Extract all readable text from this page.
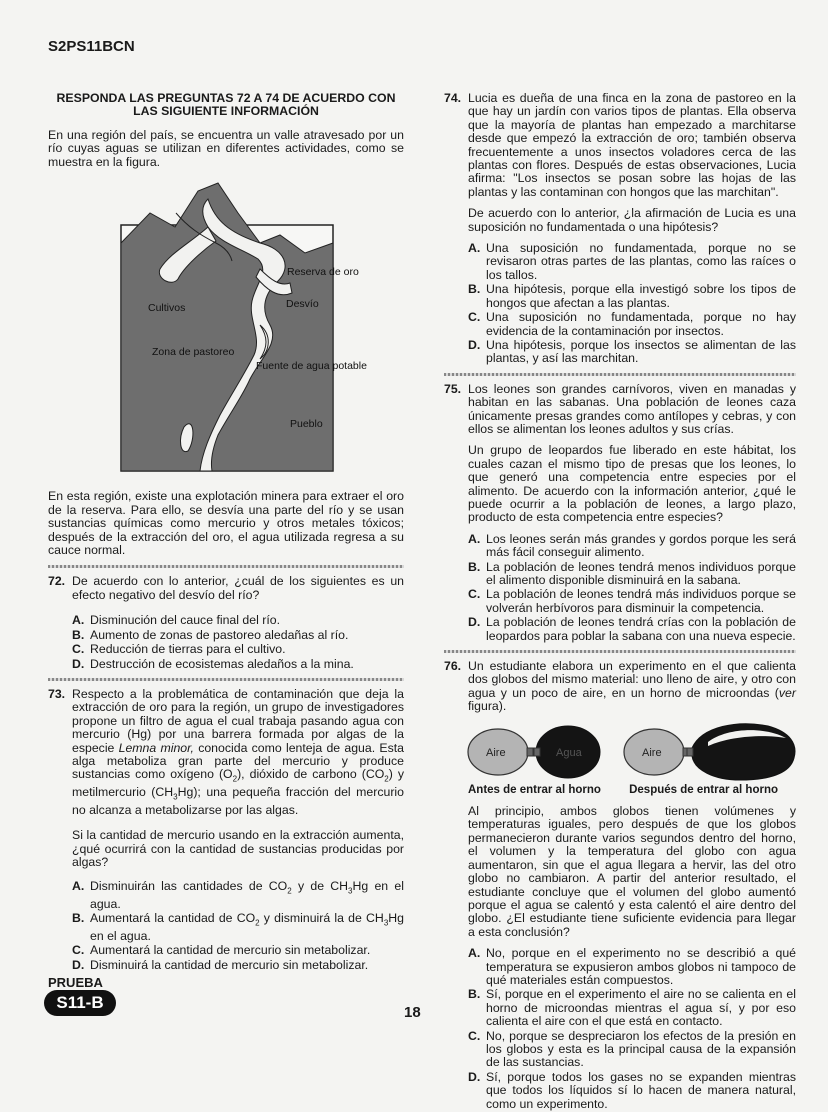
S2PS11BCN
RESPONDA LAS PREGUNTAS 72 A 74 DE ACUERDO CON LAS SIGUIENTE INFORMACIÓN

En una región del país, se encuentra un valle atravesado por un río cuyas aguas se utilizan en diferentes actividades, como se muestra en la figura.

Reserva de oro
Cultivos	Desvío
Zona de pastoreo
Fuente de agua potable
Pueblo

En esta región, existe una explotación minera para extraer el oro de la reserva. Para ello, se desvía una parte del río y se usan sustancias químicas como mercurio y otros metales tóxicos; después de la extracción del oro, el agua utilizada regresa a su cauce normal.

72. De acuerdo con lo anterior, ¿cuál de los siguientes es un efecto negativo del desvío del río?

A. Disminución del cauce final del río.
B. Aumento de zonas de pastoreo aledañas al río.
C. Reducción de tierras para el cultivo.
D. Destrucción de ecosistemas aledaños a la mina.
73. Respecto a la problemática de contaminación que deja la extracción de oro para la región, un grupo de investigadores propone un filtro de agua el cual trabaja pasando agua con mercurio (Hg) por una barrera formada por algas de la especie Lemna minor, conocida como lenteja de agua. Esta alga metaboliza gran parte del mercurio y produce sustancias como oxígeno $(O_2)$, dióxido de carbono $(CO_2)$ y metilmercurio $(CH_3Hg)$; una pequeña fracción del mercurio no alcanza a metabolizarse por las algas.

Si la cantidad de mercurio usando en la extracción aumenta, ¿qué ocurrirá con la cantidad de sustancias producidas por algas?

A. Disminuirán las cantidades de $CO_2$ y de $CH_3Hg$ en el agua.
B. Aumentará la cantidad de $CO_2$ y disminuirá la de $CH_3Hg$ en el agua.
C. Aumentará la cantidad de mercurio sin metabolizar.
D. Disminuirá la cantidad de mercurio sin metabolizar.
74. Lucia es dueña de una finca en la zona de pastoreo en la que hay un jardín con varios tipos de plantas. Ella observa que la mayoría de plantas han empezado a marchitarse desde que empezó la extracción de oro; también observa frecuentemente a unos insectos voladores cerca de las plantas con flores. Después de estas observaciones, Lucia afirma: "Los insectos se posan sobre las hojas de las plantas y las contaminan con hongos que las marchitan".

De acuerdo con lo anterior, ¿la afirmación de Lucia es una suposición no fundamentada o una hipótesis?

A. Una suposición no fundamentada, porque no se revisaron otras partes de las plantas, como las raíces o los tallos.
B. Una hipótesis, porque ella investigó sobre los tipos de hongos que afectan a las plantas.
C. Una suposición no fundamentada, porque no hay evidencia de la contaminación por insectos.
D. Una hipótesis, porque los insectos se alimentan de las plantas, y así las marchitan.
75. Los leones son grandes carnívoros, viven en manadas y habitan en las sabanas. Una población de leones caza únicamente presas grandes como antílopes y cebras, y con ellos se alimentan los leones adultos y sus crías.

Un grupo de leopardos fue liberado en este hábitat, los cuales cazan el mismo tipo de presas que los leones, lo que generó una competencia entre especies por el alimento. De acuerdo con la información anterior, ¿qué le puede ocurrir a la población de leones, a largo plazo, producto de esta competencia entre especies?

A. Los leones serán más grandes y gordos porque les será más fácil conseguir alimento.
B. La población de leones tendrá menos individuos porque el alimento disponible disminuirá en la sabana.
C. La población de leones tendrá más individuos porque se volverán herbívoros para disminuir la competencia.
D. La población de leones tendrá crías con la población de leopardos para poblar la sabana con una nueva especie.
76. Un estudiante elabora un experimento en el que calienta dos globos del mismo material: uno lleno de aire, y otro con agua y un poco de aire, en un horno de microondas (ver figura).

Aire	Agua	Aire
Antes de entrar al horno Después de entrar al horno

Al principio, ambos globos tienen volúmenes y temperaturas iguales, pero después de que los globos permanecieron durante varios segundos dentro del horno, el volumen y la temperatura del globo con agua aumentaron, sin que el agua llegara a hervir, las del otro globo no cambiaron. A partir del anterior resultado, el estudiante concluye que el volumen del globo aumentó porque el agua se calentó y esta calentó el aire dentro del globo. ¿El estudiante tiene suficiente evidencia para llegar a esta conclusión?

A. No, porque en el experimento no se describió a qué temperatura se expusieron ambos globos ni tampoco de qué materiales están compuestos.
B. Sí, porque en el experimento el aire no se calienta en el horno de microondas mientras el agua sí, y por eso calienta el aire con el que está en contacto.
C. No, porque se despreciaron los efectos de la presión en los globos y esta es la principal causa de la expansión de las sustancias.
D. Sí, porque todos los gases no se expanden mientras que todos los líquidos sí lo hacen de manera natural, como un experimento.
PRUEBA
S11-B
18
